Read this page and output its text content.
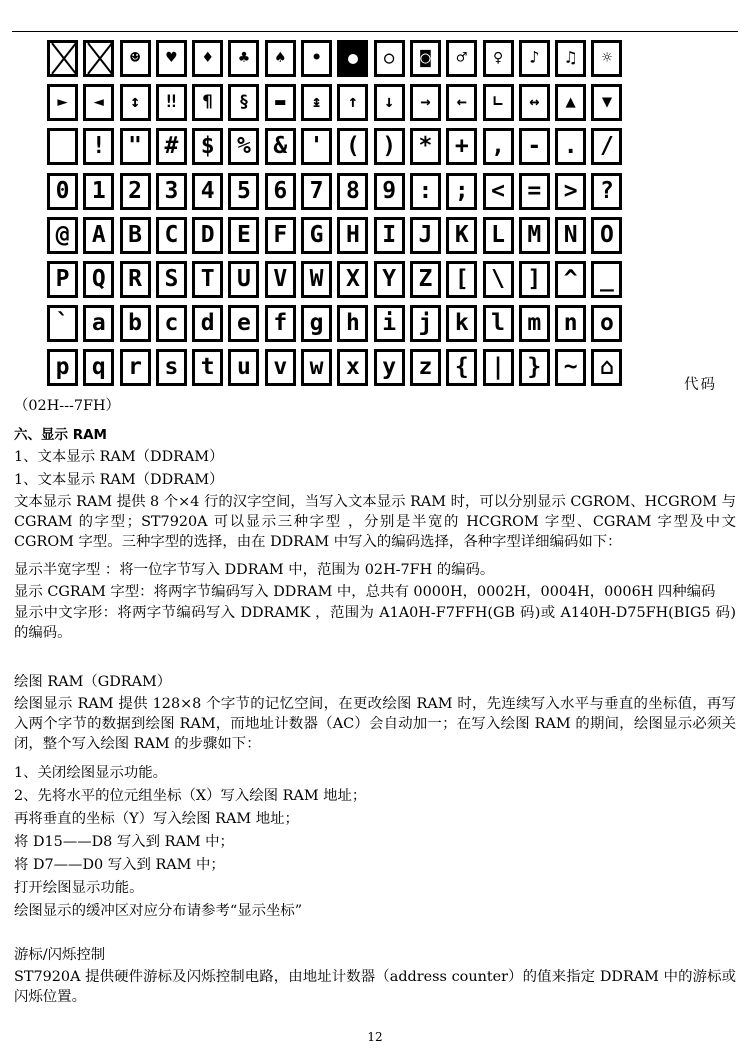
☻ ♥ ♦ ♣ ♠ •	○ ◙ ♂ ♀ ♪ ♫ ☼
► ◄ ↕ ‼ ¶ § ▬ ↨ ↑ ↓ → ← ∟ ↔ ▲ ▼
! " # $ % & ' ( ) * + , - . /
0 1 2 3 4 5 6 7 8 9 : ; < = > ?
@ A B C D E F G H I J K L M N O
P Q R S T U V W X Y Z [ \ ] ^ _
` a b c d e f g h i j k l m n o
p q r s t u v w x y z { | } ~ ⌂
代码
（02H---7FH）
六、显示 RAM
1、文本显示 RAM（DDRAM）
1、文本显示 RAM（DDRAM）
文本显示 RAM 提供 8 个×4 行的汉字空间，当写入文本显示 RAM 时，可以分别显示 CGROM、HCGROM 与 CGRAM 的字型；ST7920A 可以显示三种字型 ，分别是半宽的 HCGROM 字型、CGRAM 字型及中文 CGROM 字型。三种字型的选择，由在 DDRAM 中写入的编码选择，各种字型详细编码如下：
显示半宽字型 ：将一位字节写入 DDRAM 中，范围为 02H-7FH 的编码。
显示 CGRAM 字型：将两字节编码写入 DDRAM 中，总共有 0000H，0002H，0004H，0006H 四种编码
显示中文字形：将两字节编码写入 DDRAMK ，范围为 A1A0H-F7FFH(GB 码)或 A140H-D75FH(BIG5 码) 的编码。
绘图 RAM（GDRAM）
绘图显示 RAM 提供 128×8 个字节的记忆空间，在更改绘图 RAM 时，先连续写入水平与垂直的坐标值，再写入两个字节的数据到绘图 RAM，而地址计数器（AC）会自动加一；在写入绘图 RAM 的期间，绘图显示必须关闭，整个写入绘图 RAM 的步骤如下：
1、关闭绘图显示功能。
2、先将水平的位元组坐标（X）写入绘图 RAM 地址；
再将垂直的坐标（Y）写入绘图 RAM 地址；
将 D15——D8 写入到 RAM 中；
将 D7——D0 写入到 RAM 中；
打开绘图显示功能。
绘图显示的缓冲区对应分布请参考“显示坐标”
游标/闪烁控制
ST7920A 提供硬件游标及闪烁控制电路，由地址计数器（address counter）的值来指定 DDRAM 中的游标或闪烁位置。
12
